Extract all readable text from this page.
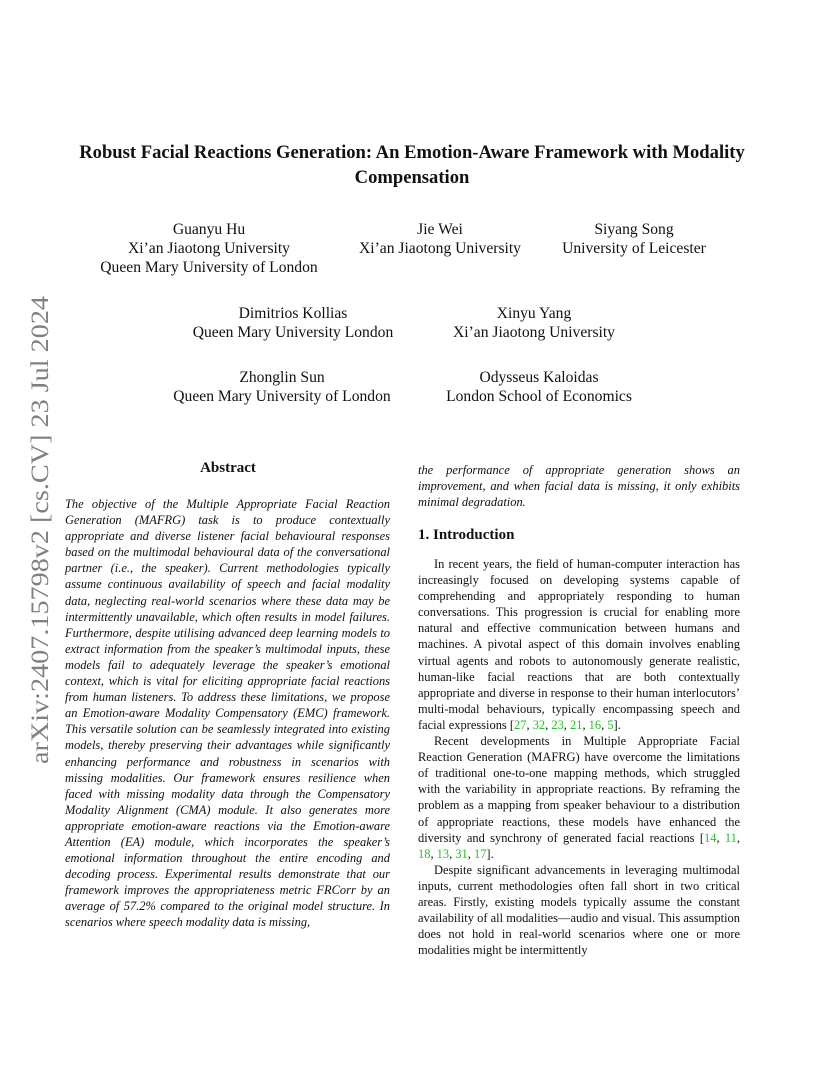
arXiv:2407.15798v2 [cs.CV] 23 Jul 2024
Robust Facial Reactions Generation: An Emotion-Aware Framework with Modality Compensation
Guanyu Hu
Xi’an Jiaotong University
Queen Mary University of London
Jie Wei
Xi’an Jiaotong University
Siyang Song
University of Leicester
Dimitrios Kollias
Queen Mary University London
Xinyu Yang
Xi’an Jiaotong University
Zhonglin Sun
Queen Mary University of London
Odysseus Kaloidas
London School of Economics
Abstract
The objective of the Multiple Appropriate Facial Reaction Generation (MAFRG) task is to produce contextually appropriate and diverse listener facial behavioural responses based on the multimodal behavioural data of the conversational partner (i.e., the speaker). Current methodologies typically assume continuous availability of speech and facial modality data, neglecting real-world scenarios where these data may be intermittently unavailable, which often results in model failures. Furthermore, despite utilising advanced deep learning models to extract information from the speaker’s multimodal inputs, these models fail to adequately leverage the speaker’s emotional context, which is vital for eliciting appropriate facial reactions from human listeners. To address these limitations, we propose an Emotion-aware Modality Compensatory (EMC) framework. This versatile solution can be seamlessly integrated into existing models, thereby preserving their advantages while significantly enhancing performance and robustness in scenarios with missing modalities. Our framework ensures resilience when faced with missing modality data through the Compensatory Modality Alignment (CMA) module. It also generates more appropriate emotion-aware reactions via the Emotion-aware Attention (EA) module, which incorporates the speaker’s emotional information throughout the entire encoding and decoding process. Experimental results demonstrate that our framework improves the appropriateness metric FRCorr by an average of 57.2% compared to the original model structure. In scenarios where speech modality data is missing,
the performance of appropriate generation shows an improvement, and when facial data is missing, it only exhibits minimal degradation.
1. Introduction

In recent years, the field of human-computer interaction has increasingly focused on developing systems capable of comprehending and appropriately responding to human conversations. This progression is crucial for enabling more natural and effective communication between humans and machines. A pivotal aspect of this domain involves enabling virtual agents and robots to autonomously generate realistic, human-like facial reactions that are both contextually appropriate and diverse in response to their human interlocutors’ multi-modal behaviours, typically encompassing speech and facial expressions [27, 32, 23, 21, 16, 5].

Recent developments in Multiple Appropriate Facial Reaction Generation (MAFRG) have overcome the limitations of traditional one-to-one mapping methods, which struggled with the variability in appropriate reactions. By reframing the problem as a mapping from speaker behaviour to a distribution of appropriate reactions, these models have enhanced the diversity and synchrony of generated facial reactions [14, 11, 18, 13, 31, 17].

Despite significant advancements in leveraging multimodal inputs, current methodologies often fall short in two critical areas. Firstly, existing models typically assume the constant availability of all modalities—audio and visual. This assumption does not hold in real-world scenarios where one or more modalities might be intermittently
